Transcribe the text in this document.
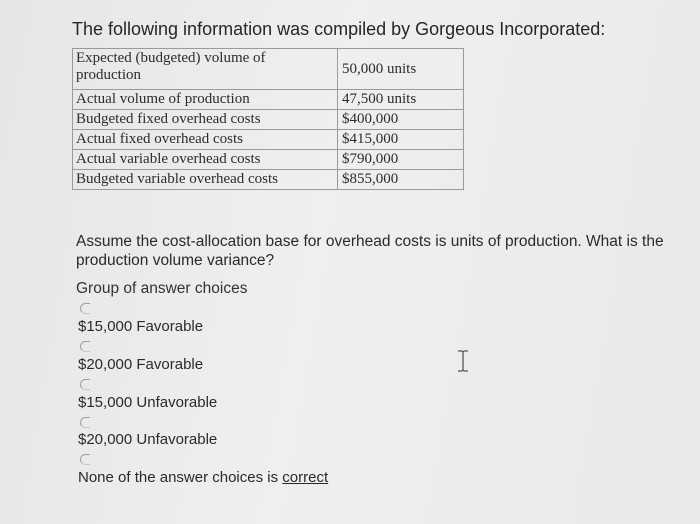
The following information was compiled by Gorgeous Incorporated:
Expected (budgeted) volume of production	50,000 units
Actual volume of production	47,500 units
Budgeted fixed overhead costs	$400,000
Actual fixed overhead costs	$415,000
Actual variable overhead costs	$790,000
Budgeted variable overhead costs	$855,000
Assume the cost-allocation base for overhead costs is units of production. What is the production volume variance?
Group of answer choices
$15,000 Favorable
$20,000 Favorable
$15,000 Unfavorable
$20,000 Unfavorable
None of the answer choices is correct
